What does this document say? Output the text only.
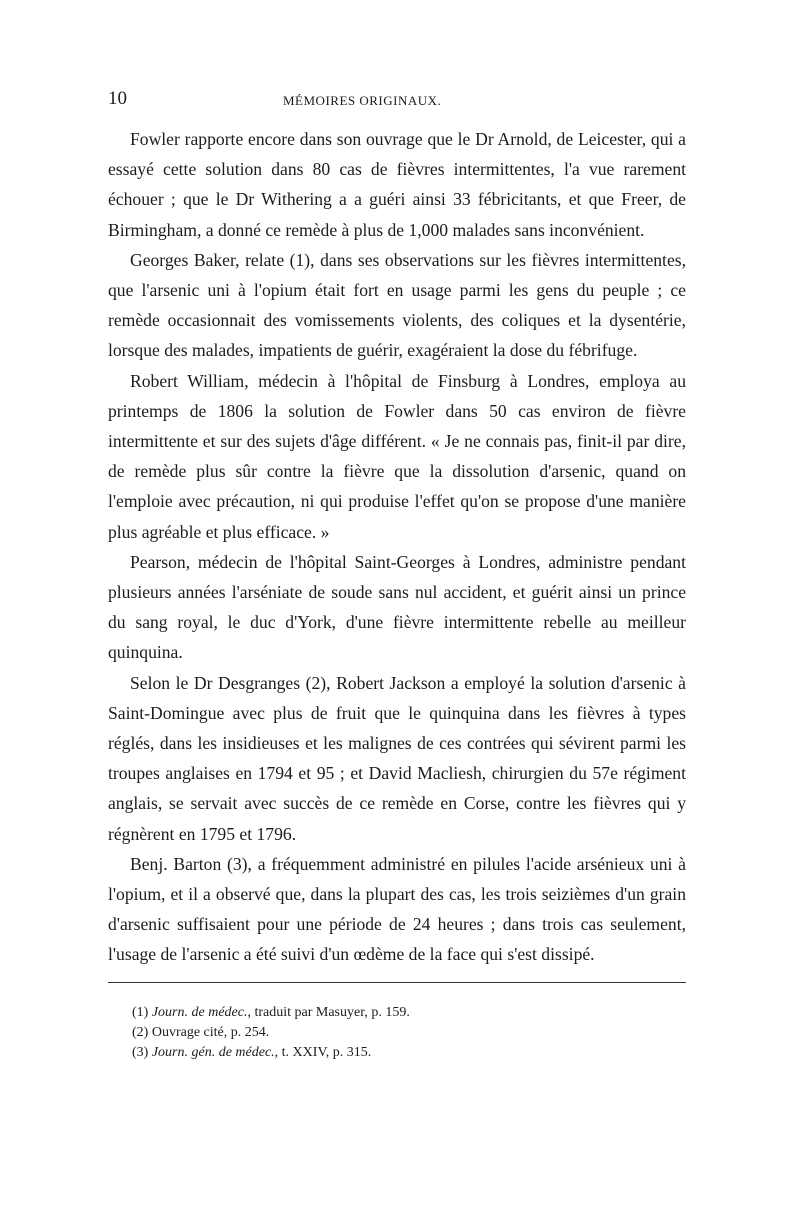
10	MÉMOIRES ORIGINAUX.

Fowler rapporte encore dans son ouvrage que le Dr Arnold, de Leicester, qui a essayé cette solution dans 80 cas de fièvres intermittentes, l'a vue rarement échouer ; que le Dr Withering a a guéri ainsi 33 fébricitants, et que Freer, de Birmingham, a donné ce remède à plus de 1,000 malades sans inconvénient.

Georges Baker, relate (1), dans ses observations sur les fièvres intermittentes, que l'arsenic uni à l'opium était fort en usage parmi les gens du peuple ; ce remède occasionnait des vomissements violents, des coliques et la dysentérie, lorsque des malades, impatients de guérir, exagéraient la dose du fébrifuge.

Robert William, médecin à l'hôpital de Finsburg à Londres, employa au printemps de 1806 la solution de Fowler dans 50 cas environ de fièvre intermittente et sur des sujets d'âge différent. « Je ne connais pas, finit-il par dire, de remède plus sûr contre la fièvre que la dissolution d'arsenic, quand on l'emploie avec précaution, ni qui produise l'effet qu'on se propose d'une manière plus agréable et plus efficace. »

Pearson, médecin de l'hôpital Saint-Georges à Londres, administre pendant plusieurs années l'arséniate de soude sans nul accident, et guérit ainsi un prince du sang royal, le duc d'York, d'une fièvre intermittente rebelle au meilleur quinquina.

Selon le Dr Desgranges (2), Robert Jackson a employé la solution d'arsenic à Saint-Domingue avec plus de fruit que le quinquina dans les fièvres à types réglés, dans les insidieuses et les malignes de ces contrées qui sévirent parmi les troupes anglaises en 1794 et 95 ; et David Macliesh, chirurgien du 57e régiment anglais, se servait avec succès de ce remède en Corse, contre les fièvres qui y régnèrent en 1795 et 1796.

Benj. Barton (3), a fréquemment administré en pilules l'acide arsénieux uni à l'opium, et il a observé que, dans la plupart des cas, les trois seizièmes d'un grain d'arsenic suffisaient pour une période de 24 heures ; dans trois cas seulement, l'usage de l'arsenic a été suivi d'un œdème de la face qui s'est dissipé.

(1) Journ. de médec., traduit par Masuyer, p. 159.
(2) Ouvrage cité, p. 254.
(3) Journ. gén. de médec., t. XXIV, p. 315.
